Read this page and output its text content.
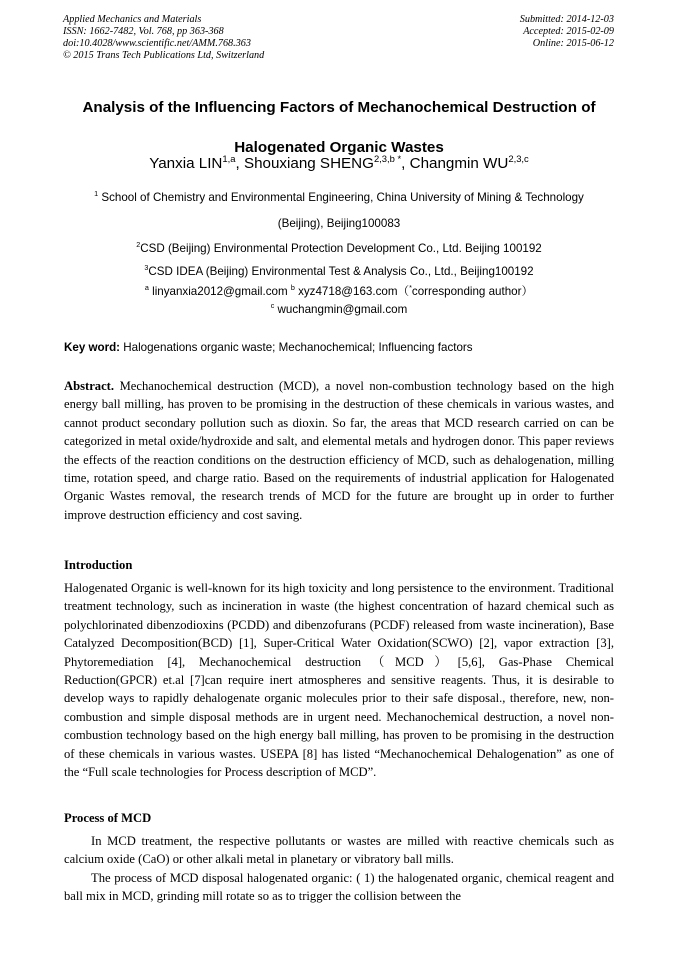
Applied Mechanics and Materials
ISSN: 1662-7482, Vol. 768, pp 363-368
doi:10.4028/www.scientific.net/AMM.768.363
© 2015 Trans Tech Publications Ltd, Switzerland
Submitted: 2014-12-03
Accepted: 2015-02-09
Online: 2015-06-12
Analysis of the Influencing Factors of Mechanochemical Destruction of
Halogenated Organic Wastes
Yanxia LIN$^{1,a}$, Shouxiang $SHENG^{2,3,b *}$, Changmin WU$^{2,3,c}$
$^1$ School of Chemistry and Environmental Engineering, China University of Mining & Technology
(Beijing), Beijing100083
$^2$CSD (Beijing) Environmental Protection Development Co., Ltd. Beijing 100192
$^3$CSD IDEA (Beijing) Environmental Test & Analysis Co., Ltd., Beijing100192
$^a$ linyanxia2012@gmail.com $^b$ xyz4718@163.com（*corresponding author）
$^c$ wuchangmin@gmail.com
Key word: Halogenations organic waste; Mechanochemical; Influencing factors
Abstract. Mechanochemical destruction (MCD), a novel non-combustion technology based on the high energy ball milling, has proven to be promising in the destruction of these chemicals in various wastes, and cannot product secondary pollution such as dioxin. So far, the areas that MCD research carried on can be categorized in metal oxide/hydroxide and salt, and elemental metals and hydrogen donor. This paper reviews the effects of the reaction conditions on the destruction efficiency of MCD, such as dehalogenation, milling time, rotation speed, and charge ratio. Based on the requirements of industrial application for Halogenated Organic Wastes removal, the research trends of MCD for the future are brought up in order to further improve destruction efficiency and cost saving.
Introduction
Halogenated Organic is well-known for its high toxicity and long persistence to the environment. Traditional treatment technology, such as incineration in waste (the highest concentration of hazard chemical such as polychlorinated dibenzodioxins (PCDD) and dibenzofurans (PCDF) released from waste incineration), Base Catalyzed Decomposition(BCD) [1], Super-Critical Water Oxidation(SCWO) [2], vapor extraction [3], Phytoremediation [4], Mechanochemical destruction（MCD）[5,6], Gas-Phase Chemical Reduction(GPCR) et.al [7]can require inert atmospheres and sensitive reagents. Thus, it is desirable to develop ways to rapidly dehalogenate organic molecules prior to their safe disposal., therefore, new, non-combustion and simple disposal methods are in urgent need. Mechanochemical destruction, a novel non-combustion technology based on the high energy ball milling, has proven to be promising in the destruction of these chemicals in various wastes. USEPA [8] has listed “Mechanochemical Dehalogenation” as one of the “Full scale technologies for Process description of MCD”.
Process of MCD

In MCD treatment, the respective pollutants or wastes are milled with reactive chemicals such as calcium oxide (CaO) or other alkali metal in planetary or vibratory ball mills.

The process of MCD disposal halogenated organic: ( 1) the halogenated organic, chemical reagent and ball mix in MCD, grinding mill rotate so as to trigger the collision between the
